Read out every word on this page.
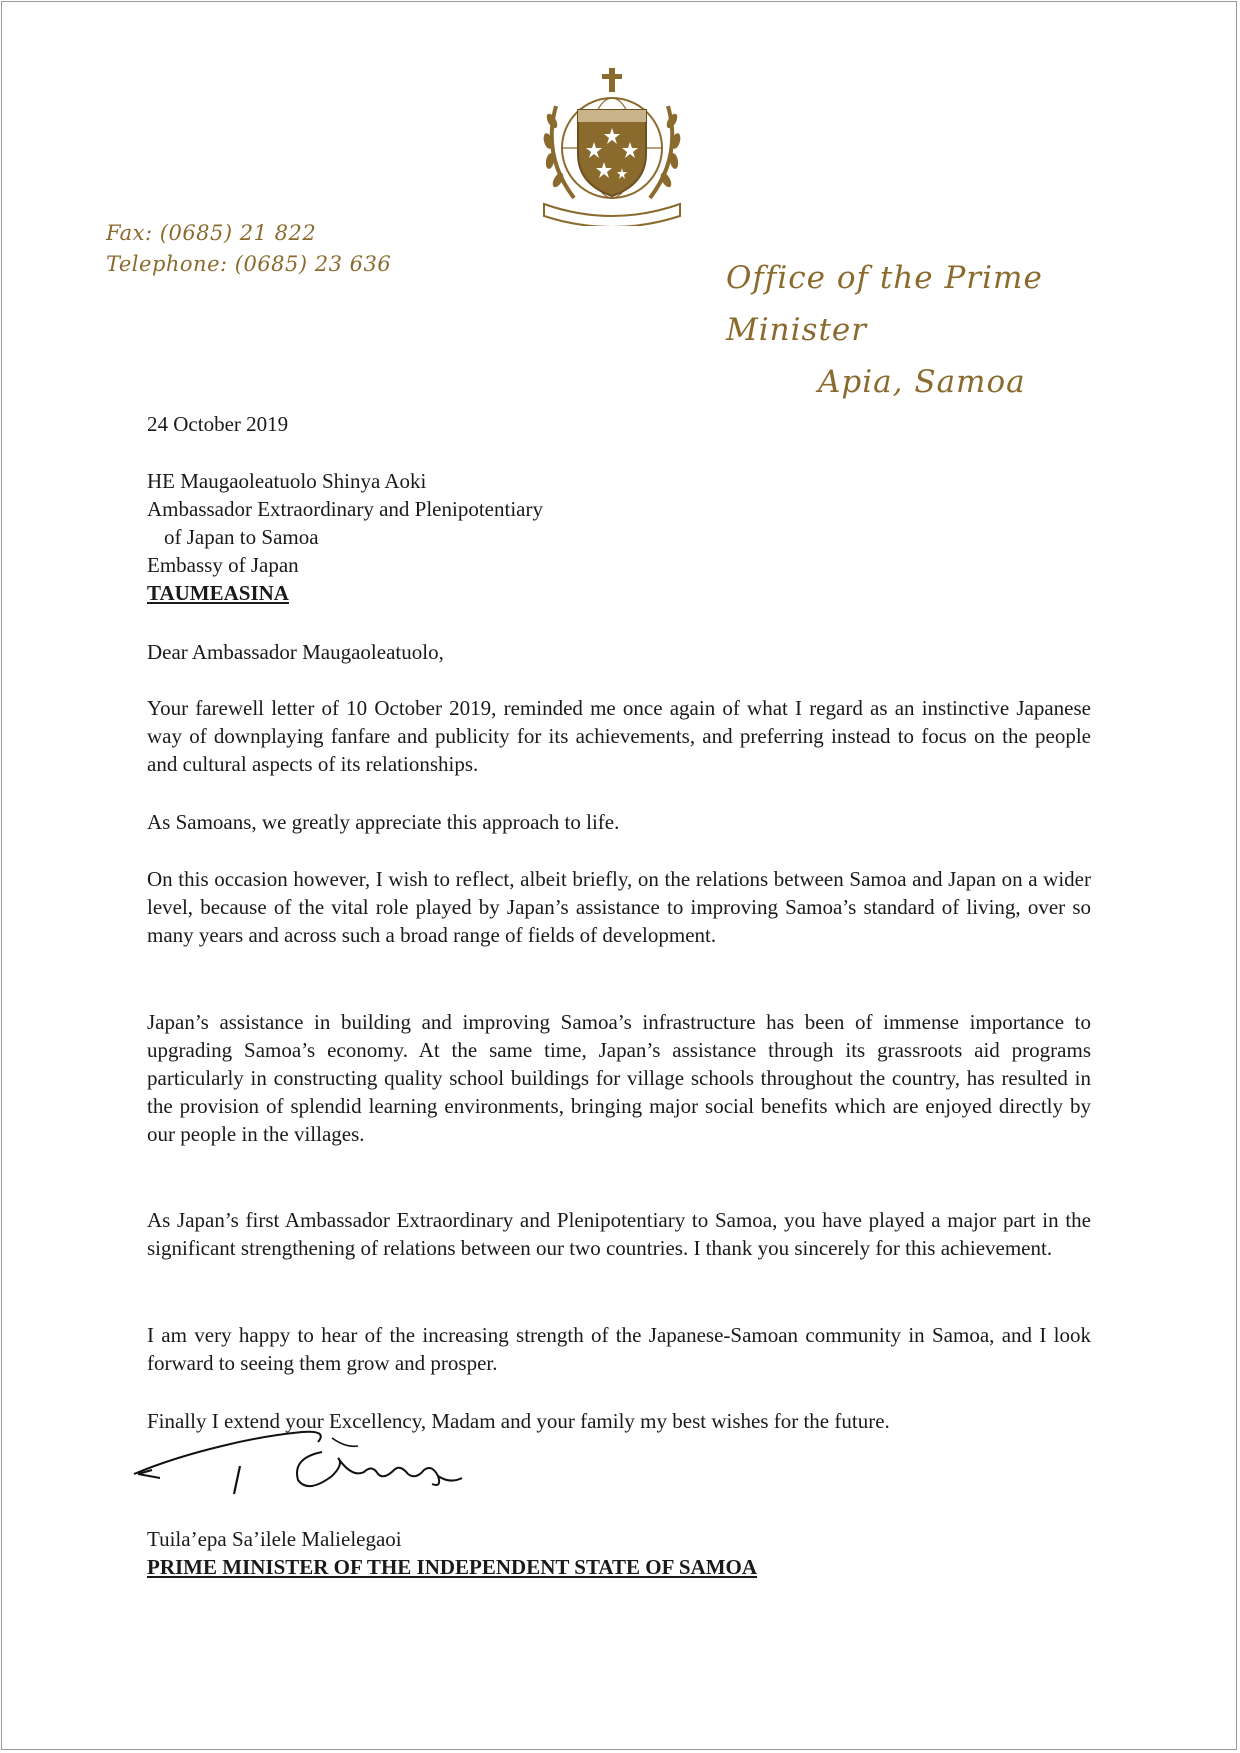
Fax: (0685) 21 822
Telephone: (0685) 23 636	Office of the Prime Minister
Apia, Samoa
24 October 2019
HE Maugaoleatuolo Shinya Aoki
Ambassador Extraordinary and Plenipotentiary
of Japan to Samoa
Embassy of Japan
TAUMEASINA
Dear Ambassador Maugaoleatuolo,
Your farewell letter of 10 October 2019, reminded me once again of what I regard as an instinctive Japanese way of downplaying fanfare and publicity for its achievements, and preferring instead to focus on the people and cultural aspects of its relationships.
As Samoans, we greatly appreciate this approach to life.
On this occasion however, I wish to reflect, albeit briefly, on the relations between Samoa and Japan on a wider level, because of the vital role played by Japan’s assistance to improving Samoa’s standard of living, over so many years and across such a broad range of fields of development.
Japan’s assistance in building and improving Samoa’s infrastructure has been of immense importance to upgrading Samoa’s economy. At the same time, Japan’s assistance through its grassroots aid programs particularly in constructing quality school buildings for village schools throughout the country, has resulted in the provision of splendid learning environments, bringing major social benefits which are enjoyed directly by our people in the villages.
As Japan’s first Ambassador Extraordinary and Plenipotentiary to Samoa, you have played a major part in the significant strengthening of relations between our two countries. I thank you sincerely for this achievement.
I am very happy to hear of the increasing strength of the Japanese-Samoan community in Samoa, and I look forward to seeing them grow and prosper.
Finally I extend your Excellency, Madam and your family my best wishes for the future.
Tuila’epa Sa’ilele Malielegaoi
PRIME MINISTER OF THE INDEPENDENT STATE OF SAMOA
